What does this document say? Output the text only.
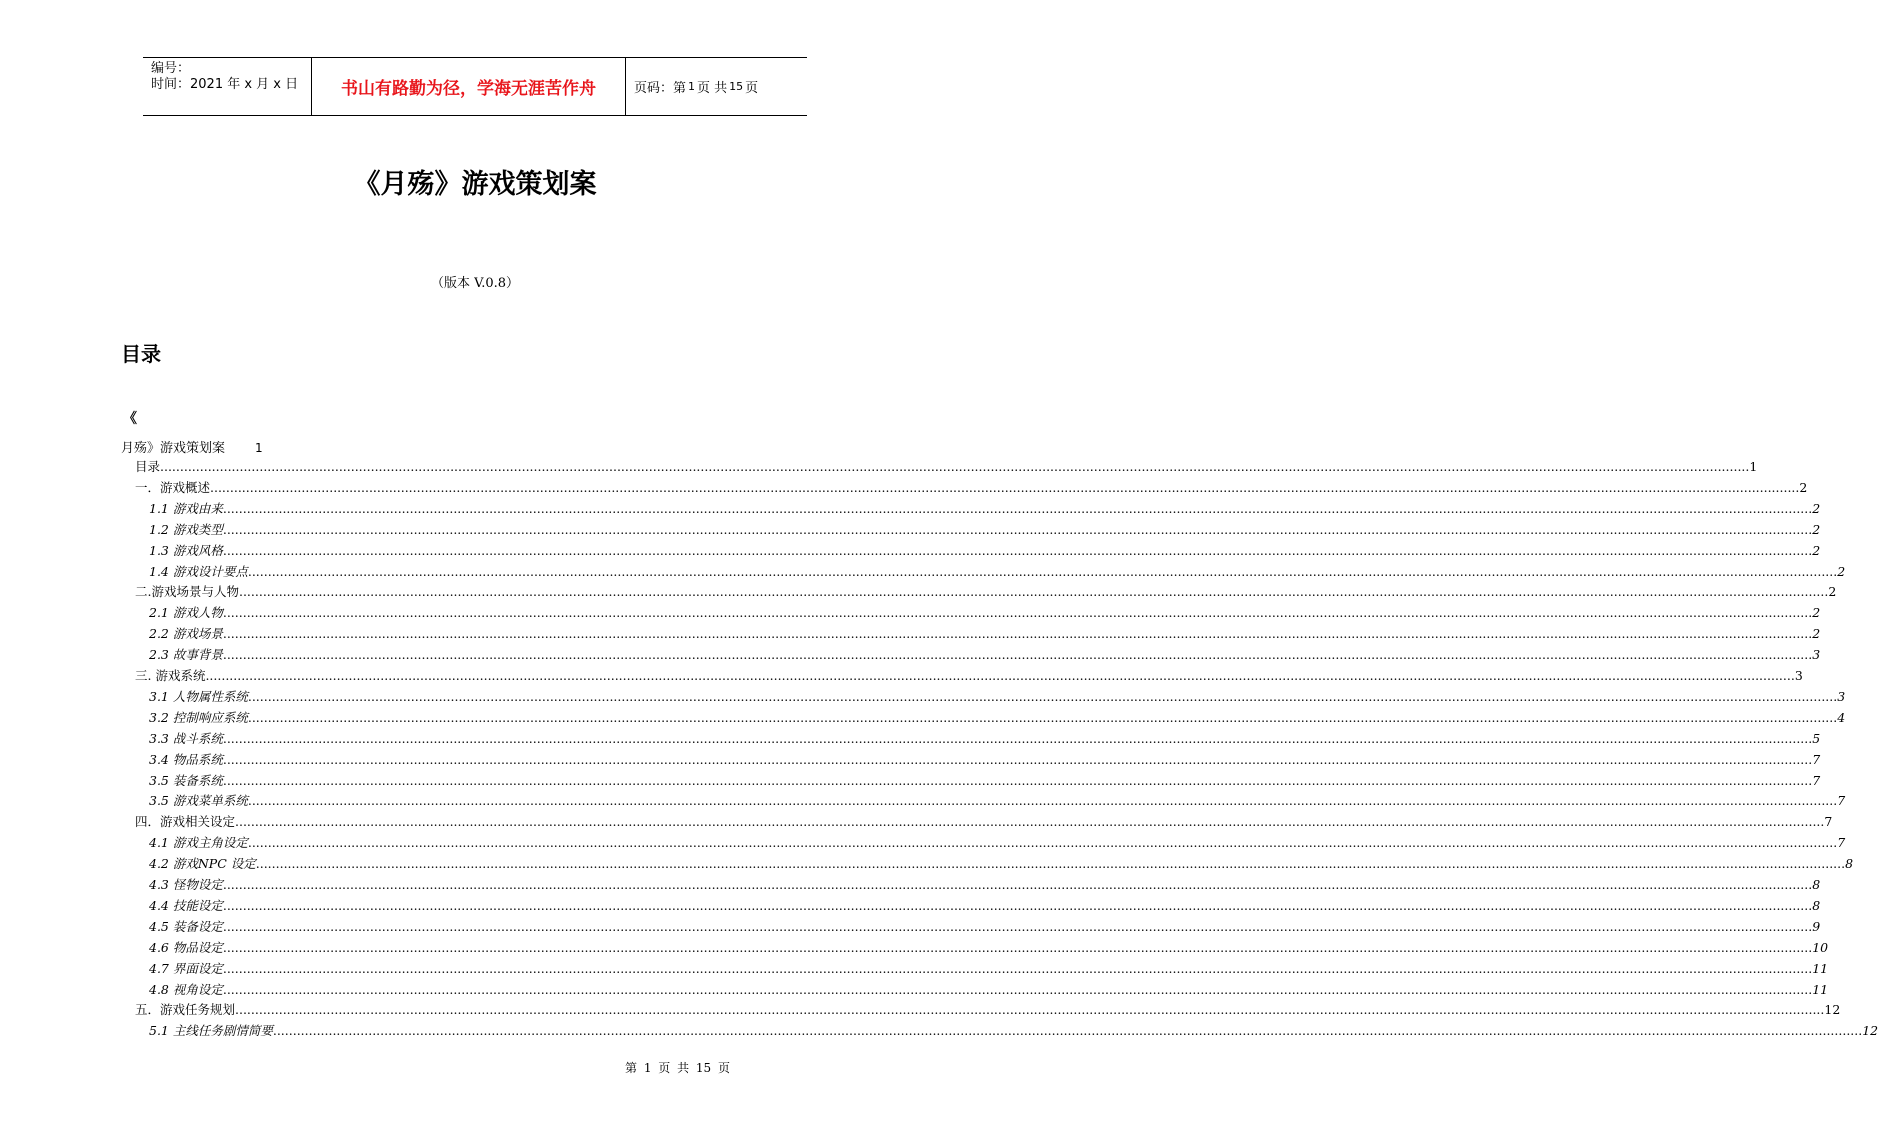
编号：
时间：2021 年 x 月 x 日	书山有路勤为径，学海无涯苦作舟	页码：第 1 页 共 15 页
《月殇》游戏策划案
（版本 V.0.8）
目录
《
月殇》游戏策划案	1
目录 ................................................................................................................................................................................................................................................................................................................................................................................................................ 1
一．游戏概述 ................................................................................................................................................................................................................................................................................................................................................................................................................ 2
1.1 游戏由来 ................................................................................................................................................................................................................................................................................................................................................................................................................ 2
1.2 游戏类型 ................................................................................................................................................................................................................................................................................................................................................................................................................ 2
1.3 游戏风格 ................................................................................................................................................................................................................................................................................................................................................................................................................ 2
1.4 游戏设计要点 ................................................................................................................................................................................................................................................................................................................................................................................................................ 2
二.游戏场景与人物 ................................................................................................................................................................................................................................................................................................................................................................................................................ 2
2.1 游戏人物 ................................................................................................................................................................................................................................................................................................................................................................................................................ 2
2.2 游戏场景 ................................................................................................................................................................................................................................................................................................................................................................................................................ 2
2.3 故事背景 ................................................................................................................................................................................................................................................................................................................................................................................................................ 3
三. 游戏系统 ................................................................................................................................................................................................................................................................................................................................................................................................................ 3
3.1 人物属性系统 ................................................................................................................................................................................................................................................................................................................................................................................................................ 3
3.2 控制响应系统 ................................................................................................................................................................................................................................................................................................................................................................................................................ 4
3.3 战斗系统 ................................................................................................................................................................................................................................................................................................................................................................................................................ 5
3.4 物品系统 ................................................................................................................................................................................................................................................................................................................................................................................................................ 7
3.5 装备系统 ................................................................................................................................................................................................................................................................................................................................................................................................................ 7
3.5 游戏菜单系统 ................................................................................................................................................................................................................................................................................................................................................................................................................ 7
四．游戏相关设定 ................................................................................................................................................................................................................................................................................................................................................................................................................ 7
4.1 游戏主角设定 ................................................................................................................................................................................................................................................................................................................................................................................................................ 7
4.2 游戏NPC 设定 ................................................................................................................................................................................................................................................................................................................................................................................................................ 8
4.3 怪物设定 ................................................................................................................................................................................................................................................................................................................................................................................................................ 8
4.4 技能设定 ................................................................................................................................................................................................................................................................................................................................................................................................................ 8
4.5 装备设定 ................................................................................................................................................................................................................................................................................................................................................................................................................ 9
4.6 物品设定 ................................................................................................................................................................................................................................................................................................................................................................................................................ 10
4.7 界面设定 ................................................................................................................................................................................................................................................................................................................................................................................................................ 11
4.8 视角设定 ................................................................................................................................................................................................................................................................................................................................................................................................................ 11
五．游戏任务规划 ................................................................................................................................................................................................................................................................................................................................................................................................................ 12
5.1 主线任务剧情简要 ................................................................................................................................................................................................................................................................................................................................................................................................................ 12
第 1 页 共 15 页
